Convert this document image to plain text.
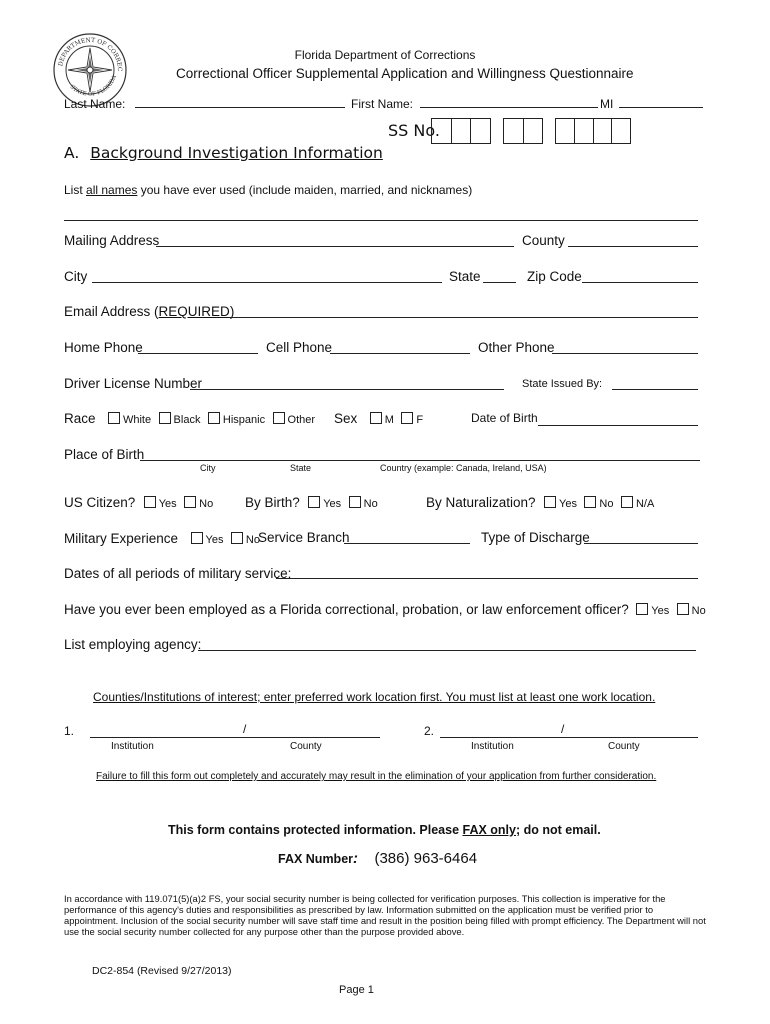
DEPARTMENT OF CORREC
STATE OF FLORIDA
Florida Department of Corrections
Correctional Officer Supplemental Application and Willingness Questionnaire
Last Name:	First Name:	MI
SS No.
A. Background Investigation Information
List all names you have ever used (include maiden, married, and nicknames)
Mailing Address	County
City	State	Zip Code
Email Address (REQUIRED)
Home Phone	Cell Phone	Other Phone
Driver License Number	State Issued By:
Race White Black Hispanic Other Sex M F	Date of Birth
Place of Birth
City	State	Country (example: Canada, Ireland, USA)
US Citizen? Yes No By Birth? Yes No	By Naturalization? Yes No N/A
Military Experience Yes No
Service Branch	Type of Discharge
Dates of all periods of military service:
Have you ever been employed as a Florida correctional, probation, or law enforcement officer? Yes No
List employing agency:
Counties/Institutions of interest; enter preferred work location first. You must list at least one work location.
1.	/
Institution	County
2.	/
Institution	County
Failure to fill this form out completely and accurately may result in the elimination of your application from further consideration.
This form contains protected information. Please FAX only; do not email.
FAX Number: (386) 963-6464
In accordance with 119.071(5)(a)2 FS, your social security number is being collected for verification purposes. This collection is imperative for the performance of this agency's duties and responsibilities as prescribed by law. Information submitted on the application must be verified prior to appointment. Inclusion of the social security number will save staff time and result in the position being filled with prompt efficiency. The Department will not use the social security number collected for any purpose other than the purpose provided above.
DC2-854 (Revised 9/27/2013)
Page 1
